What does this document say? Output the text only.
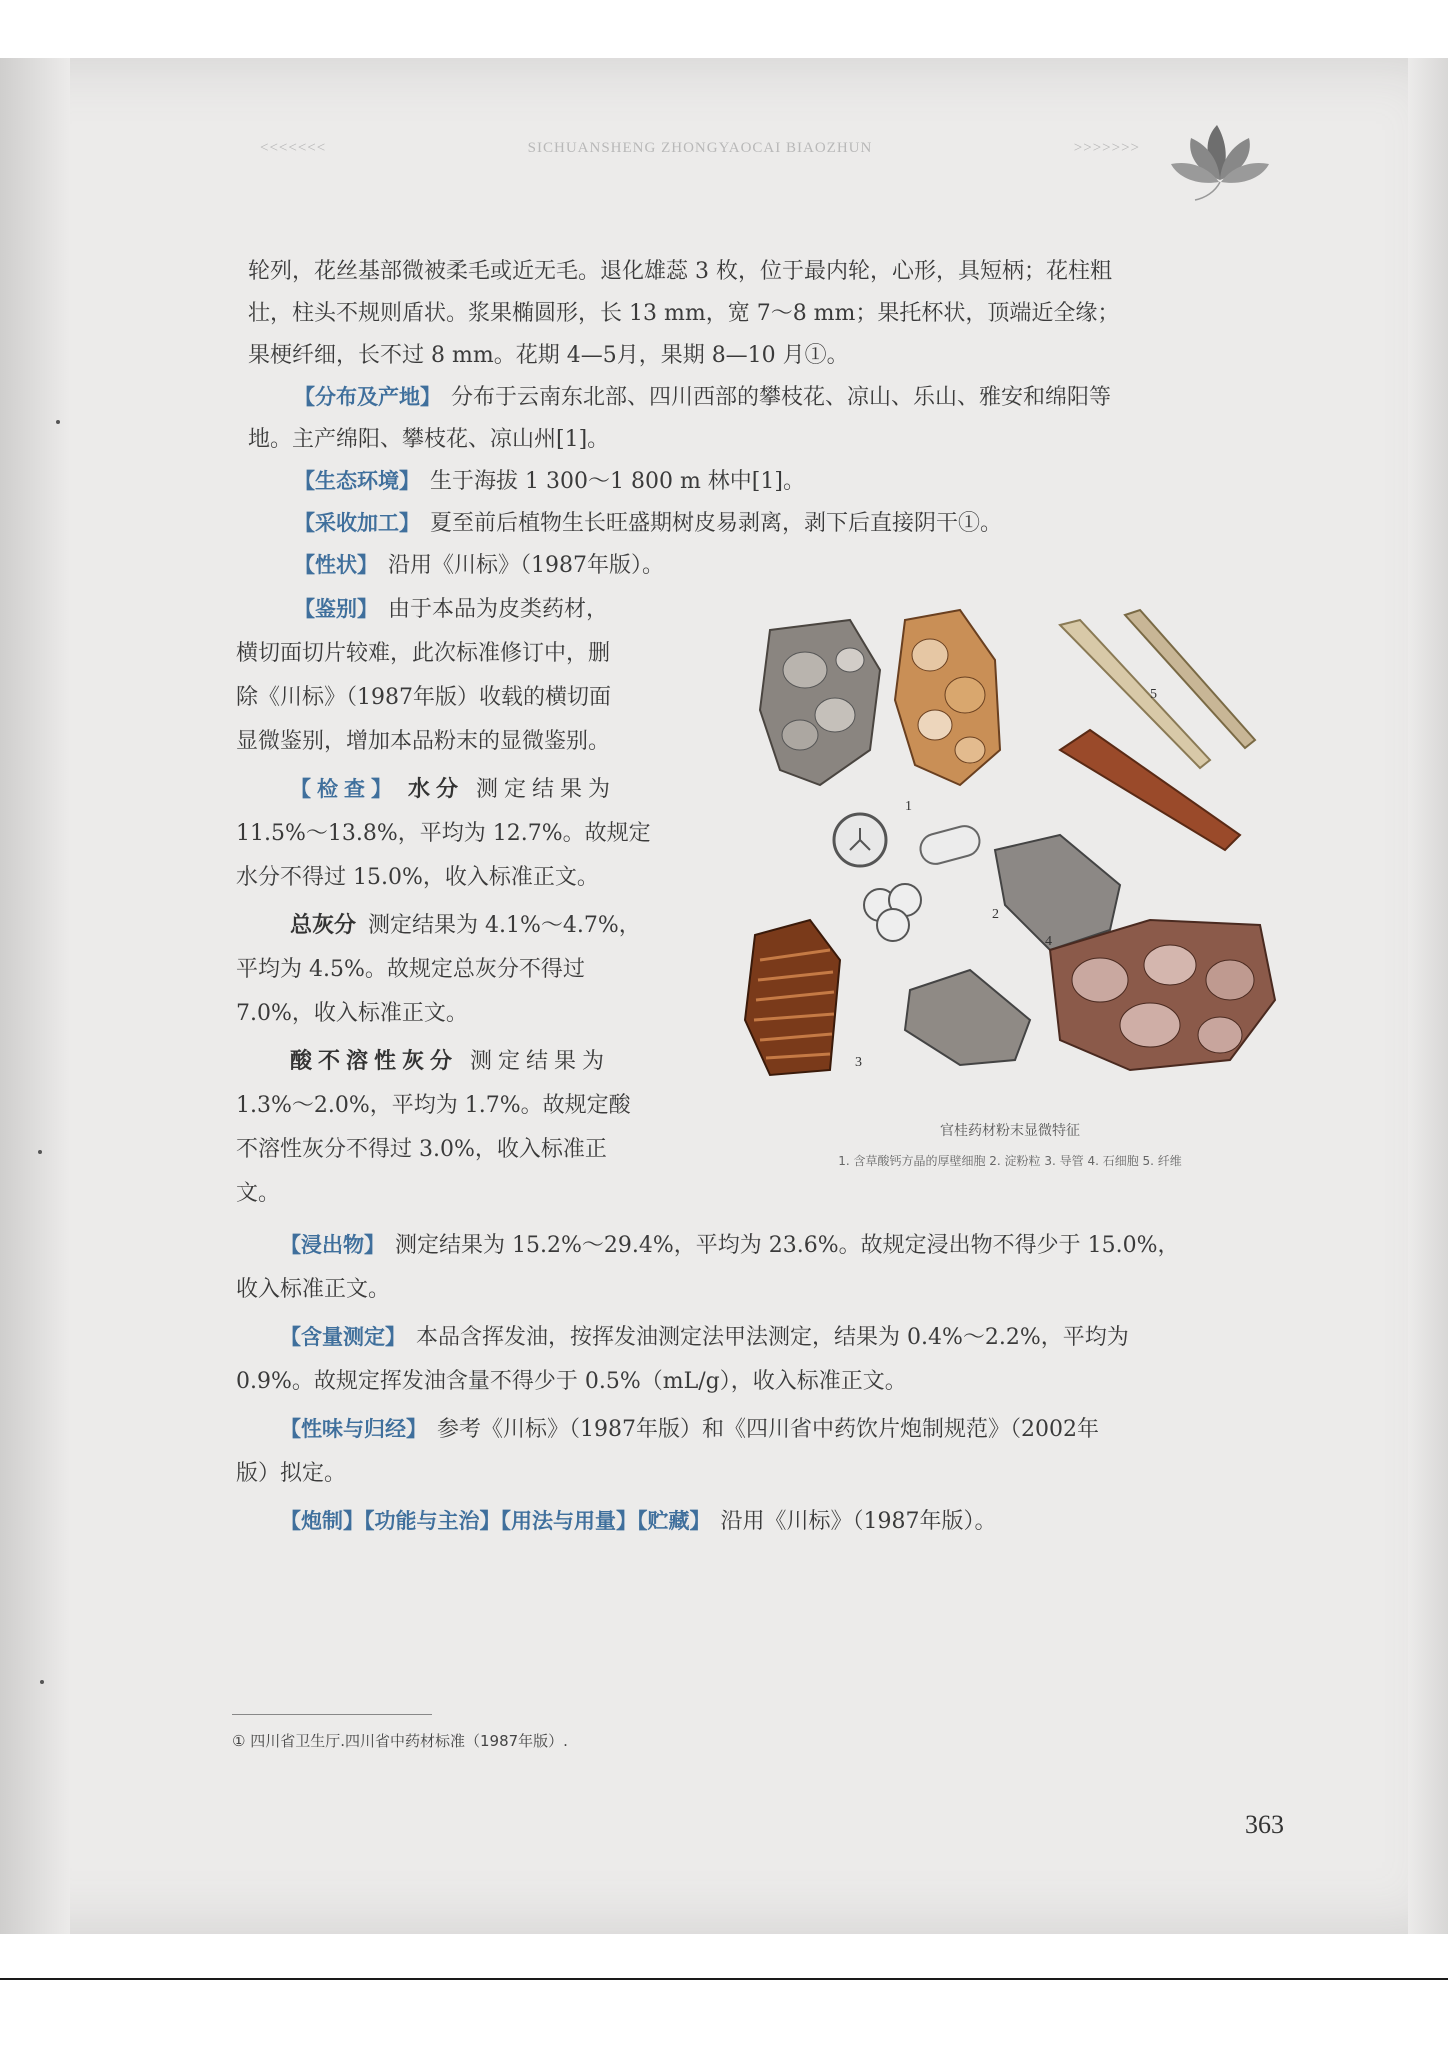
<<<<<<<	SICHUANSHENG ZHONGYAOCAI BIAOZHUN	>>>>>>>
轮列，花丝基部微被柔毛或近无毛。退化雄蕊 3 枚，位于最内轮，心形，具短柄；花柱粗
壮，柱头不规则盾状。浆果椭圆形，长 13 mm，宽 7～8 mm；果托杯状，顶端近全缘；
果梗纤细，长不过 8 mm。花期 4—5月，果期 8—10 月①。
【分布及产地】 分布于云南东北部、四川西部的攀枝花、凉山、乐山、雅安和绵阳等
地。主产绵阳、攀枝花、凉山州[1]。
【生态环境】 生于海拔 1 300～1 800 m 林中[1]。
【采收加工】 夏至前后植物生长旺盛期树皮易剥离，剥下后直接阴干①。
【性状】 沿用《川标》（1987年版）。
【鉴别】 由于本品为皮类药材，
横切面切片较难，此次标准修订中，删
除《川标》（1987年版）收载的横切面
显微鉴别，增加本品粉末的显微鉴别。
【检查】 水分 测定结果为
11.5%～13.8%，平均为 12.7%。故规定
水分不得过 15.0%，收入标准正文。
总灰分 测定结果为 4.1%～4.7%，
平均为 4.5%。故规定总灰分不得过
7.0%，收入标准正文。
酸不溶性灰分 测定结果为
1.3%～2.0%，平均为 1.7%。故规定酸
不溶性灰分不得过 3.0%，收入标准正
文。
1
2
3
4
5
官桂药材粉末显微特征
1. 含草酸钙方晶的厚壁细胞 2. 淀粉粒 3. 导管 4. 石细胞 5. 纤维
【浸出物】 测定结果为 15.2%～29.4%，平均为 23.6%。故规定浸出物不得少于 15.0%，
收入标准正文。
【含量测定】 本品含挥发油，按挥发油测定法甲法测定，结果为 0.4%～2.2%，平均为
0.9%。故规定挥发油含量不得少于 0.5%（mL/g），收入标准正文。
【性味与归经】 参考《川标》（1987年版）和《四川省中药饮片炮制规范》（2002年
版）拟定。
【炮制】【功能与主治】【用法与用量】【贮藏】 沿用《川标》（1987年版）。
① 四川省卫生厅.四川省中药材标准（1987年版）.
363
